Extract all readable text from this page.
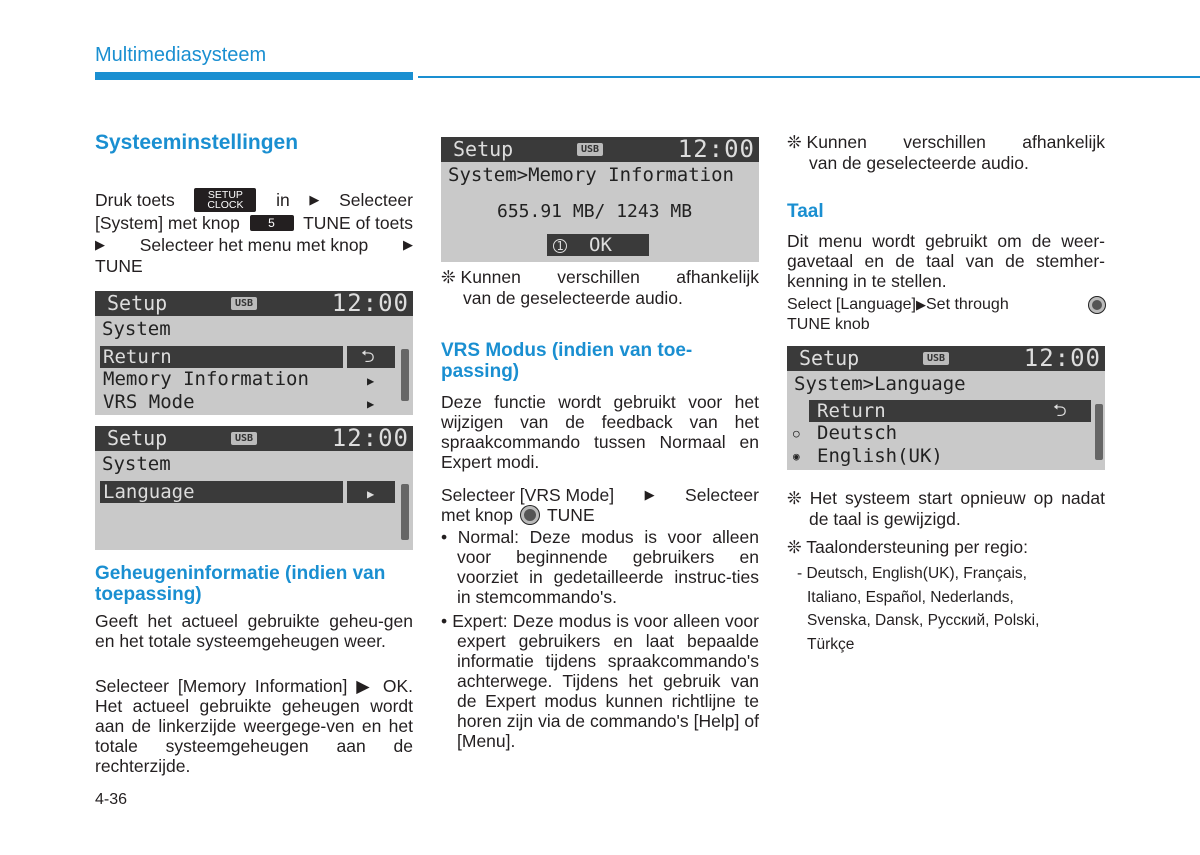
Multimediasysteem
Systeeminstellingen
Druk toets	SETUP CLOCK	in ▶ Selecteer
[System] met knop	5	TUNE of toets
▶ Selecteer het menu met knop	▶
TUNE
Setup	USB	12:00
System
Return	⮌
Memory Information	▶
VRS Mode	▶
Setup	USB	12:00
System
Language	▶
Geheugeninformatie (indien van toepassing)
Geeft het actueel gebruikte geheu-gen en het totale systeemgeheugen weer.
Selecteer [Memory Information] ▶ OK. Het actueel gebruikte geheugen wordt aan de linkerzijde weergege-ven en het totale systeemgeheugen aan de rechterzijde.
Setup	USB	12:00
System>Memory Information
655.91 MB/ 1243 MB
1 OK
❊ Kunnen verschillen afhankelijk
van de geselecteerde audio.
VRS Modus (indien van toe-passing)
Deze functie wordt gebruikt voor het wijzigen van de feedback van het spraakcommando tussen Normaal en Expert modi.
Selecteer [VRS Mode] ▶ Selecteer
met knop TUNE
• Normal: Deze modus is voor alleen voor beginnende gebruikers en voorziet in gedetailleerde instruc-ties in stemcommando's.
• Expert: Deze modus is voor alleen voor expert gebruikers en laat bepaalde informatie tijdens spraakcommando's achterwege. Tijdens het gebruik van de Expert modus kunnen richtlijne te horen zijn via de commando's [Help] of [Menu].
❊ Kunnen verschillen afhankelijk
van de geselecteerde audio.
Taal
Dit menu wordt gebruikt om de weer-gavetaal en de taal van de stemher-kenning in te stellen.
Select [Language]▶Set through
TUNE knob
Setup	USB	12:00
System>Language
Return	⮌
○ Deutsch
◉ English(UK)
❊ Het systeem start opnieuw op nadat de taal is gewijzigd.
❊ Taalondersteuning per regio:
- Deutsch, English(UK), Français,
Italiano, Español, Nederlands,
Svenska, Dansk, Русский, Polski,
Türkçe
4-36
